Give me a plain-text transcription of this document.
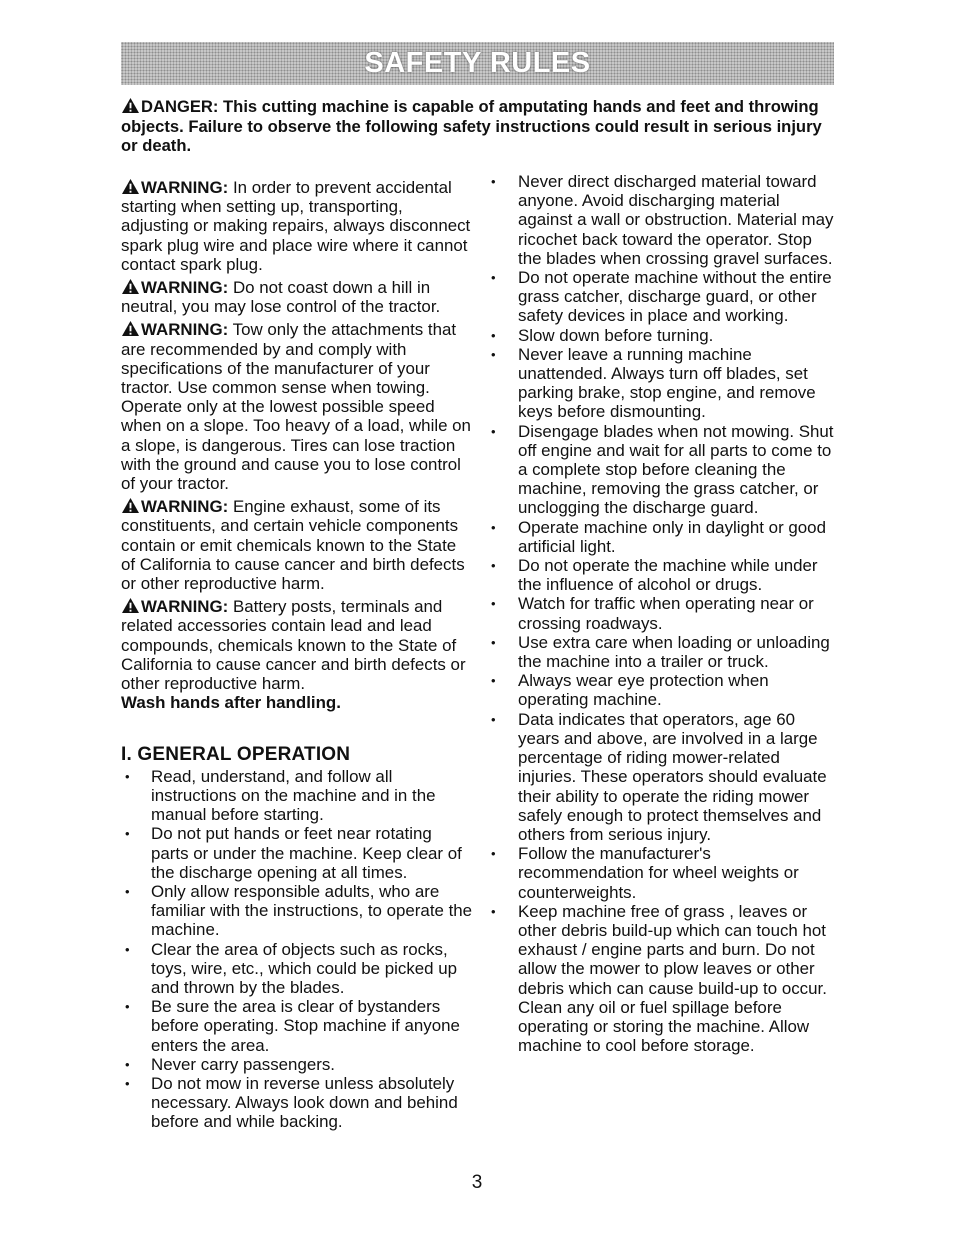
SAFETY RULES
DANGER: This cutting machine is capable of amputating hands and feet and throwing objects. Failure to observe the following safety instructions could result in serious injury or death.
WARNING: In order to prevent accidental starting when setting up, transporting, adjusting or making repairs, always disconnect spark plug wire and place wire where it cannot contact spark plug.
WARNING: Do not coast down a hill in neutral, you may lose control of the tractor.
WARNING: Tow only the attachments that are recommended by and comply with specifications of the manufacturer of your tractor. Use common sense when towing. Operate only at the lowest possible speed when on a slope. Too heavy of a load, while on a slope, is dangerous. Tires can lose traction with the ground and cause you to lose control of your tractor.
WARNING: Engine exhaust, some of its constituents, and certain vehicle components contain or emit chemicals known to the State of California to cause cancer and birth defects or other reproductive harm.
WARNING: Battery posts, terminals and related accessories contain lead and lead compounds, chemicals known to the State of California to cause cancer and birth defects or other reproductive harm.
Wash hands after handling.
I. GENERAL OPERATION
• Read, understand, and follow all instructions on the machine and in the manual before starting.
• Do not put hands or feet near rotating parts or under the machine. Keep clear of the discharge opening at all times.
• Only allow responsible adults, who are familiar with the instructions, to operate the machine.
• Clear the area of objects such as rocks, toys, wire, etc., which could be picked up and thrown by the blades.
• Be sure the area is clear of bystanders before operating. Stop machine if anyone enters the area.
• Never carry passengers.
• Do not mow in reverse unless absolutely necessary. Always look down and behind before and while backing.
• Never direct discharged material toward anyone. Avoid discharging material against a wall or obstruction. Material may ricochet back toward the operator. Stop the blades when crossing gravel surfaces.
• Do not operate machine without the entire grass catcher, discharge guard, or other safety devices in place and working.
• Slow down before turning.
• Never leave a running machine unattended. Always turn off blades, set parking brake, stop engine, and remove keys before dismounting.
• Disengage blades when not mowing. Shut off engine and wait for all parts to come to a complete stop before cleaning the machine, removing the grass catcher, or unclogging the discharge guard.
• Operate machine only in daylight or good artificial light.
• Do not operate the machine while under the influence of alcohol or drugs.
• Watch for traffic when operating near or crossing roadways.
• Use extra care when loading or unloading the machine into a trailer or truck.
• Always wear eye protection when operating machine.
• Data indicates that operators, age 60 years and above, are involved in a large percentage of riding mower-related injuries. These operators should evaluate their ability to operate the riding mower safely enough to protect themselves and others from serious injury.
• Follow the manufacturer's recommendation for wheel weights or counterweights.
• Keep machine free of grass , leaves or other debris build-up which can touch hot exhaust / engine parts and burn. Do not allow the mower to plow leaves or other debris which can cause build-up to occur. Clean any oil or fuel spillage before operating or storing the machine. Allow machine to cool before storage.
3
